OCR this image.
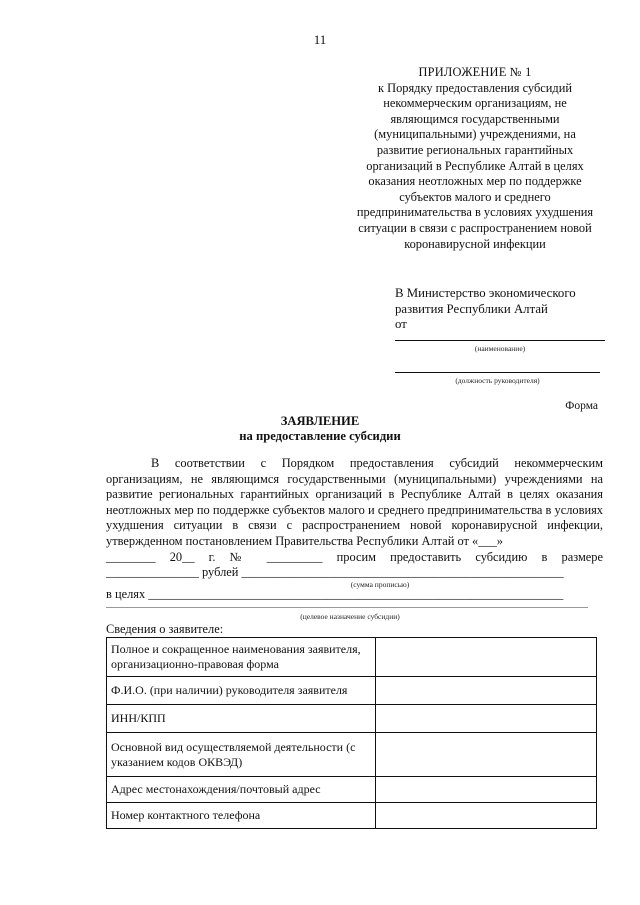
11
ПРИЛОЖЕНИЕ № 1
к Порядку предоставления субсидий некоммерческим организациям, не являющимся государственными (муниципальными) учреждениями, на развитие региональных гарантийных организаций в Республике Алтай в целях оказания неотложных мер по поддержке субъектов малого и среднего предпринимательства в условиях ухудшения ситуации в связи с распространением новой коронавирусной инфекции
В Министерство экономического
развития Республики Алтай
от
(наименование)
(должность руководителя)
Форма
ЗАЯВЛЕНИЕ
на предоставление субсидии

В соответствии с Порядком предоставления субсидий некоммерческим организациям, не являющимся государственными (муниципальными) учреждениями на развитие региональных гарантийных организаций в Республике Алтай в целях оказания неотложных мер по поддержке субъектов малого и среднего предпринимательства в условиях ухудшения ситуации в связи с распространением новой коронавирусной инфекции, утвержденном постановлением Правительства Республики Алтай от «___»

________ 20__ г. № _________ просим предоставить субсидию в размере
_______________ рублей ____________________________________________________
(сумма прописью)
в целях ___________________________________________________________________
(целевое назначение субсидии)
Сведения о заявителе:
Полное и сокращенное наименования заявителя, организационно-правовая форма	
Ф.И.О. (при наличии) руководителя заявителя	
ИНН/КПП	
Основной вид осуществляемой деятельности (с указанием кодов ОКВЭД)	
Адрес местонахождения/почтовый адрес	
Номер контактного телефона	
